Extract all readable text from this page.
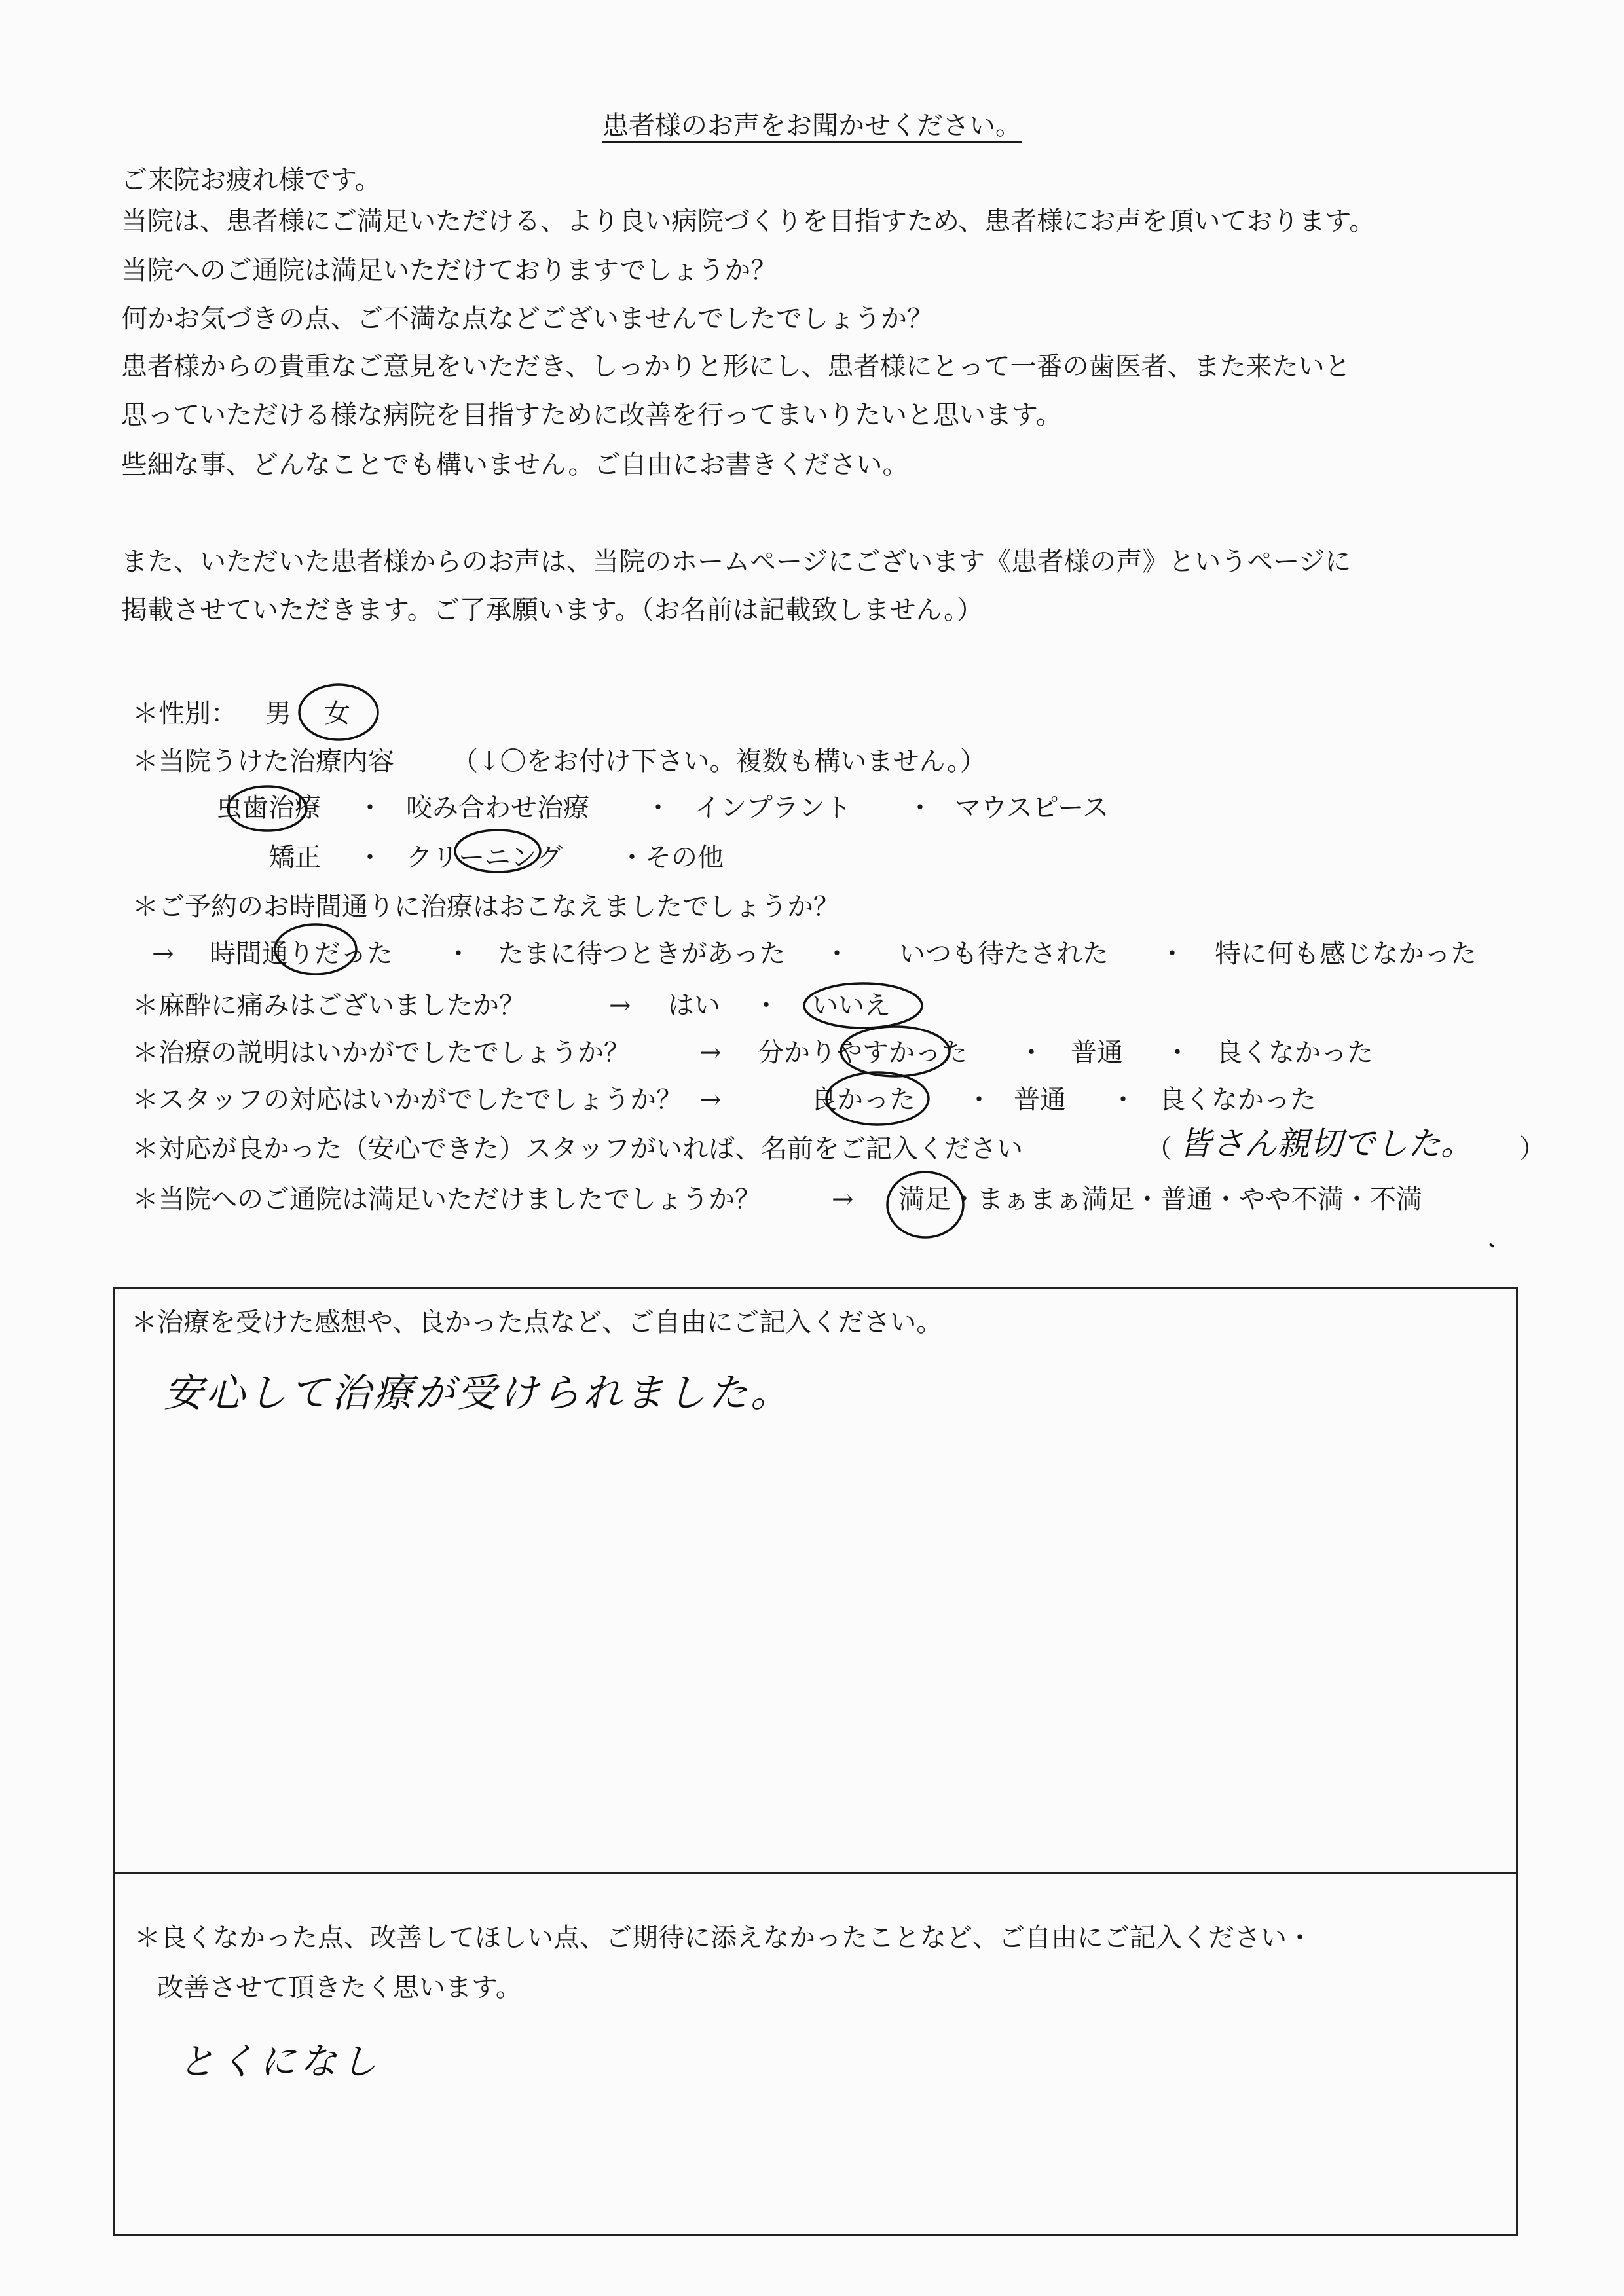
患者様のお声をお聞かせください。
ご来院お疲れ様です。
当院は、患者様にご満足いただける、より良い病院づくりを目指すため、患者様にお声を頂いております。
当院へのご通院は満足いただけておりますでしょうか？
何かお気づきの点、ご不満な点などございませんでしたでしょうか？
患者様からの貴重なご意見をいただき、しっかりと形にし、患者様にとって一番の歯医者、また来たいと
思っていただける様な病院を目指すために改善を行ってまいりたいと思います。
些細な事、どんなことでも構いません。ご自由にお書きください。
また、いただいた患者様からのお声は、当院のホームページにございます《患者様の声》というページに
掲載させていただきます。ご了承願います。（お名前は記載致しません。）
＊性別： 男 女
＊当院うけた治療内容 （↓〇をお付け下さい。複数も構いません。）
虫歯治療 ・ 咬み合わせ治療 ・ インプラント ・ マウスピース
矯正 ・ クリーニング ・その他
＊ご予約のお時間通りに治療はおこなえましたでしょうか？
→ 時間通りだった ・ たまに待つときがあった ・ いつも待たされた ・ 特に何も感じなかった
＊麻酔に痛みはございましたか？	→ はい ・ いいえ
＊治療の説明はいかがでしたでしょうか？	→ 分かりやすかった ・ 普通 ・ 良くなかった
＊スタッフの対応はいかがでしたでしょうか？ →	良かった ・ 普通 ・ 良くなかった
＊対応が良かった（安心できた）スタッフがいれば、名前をご記入ください	（ 皆さん親切でした。 ）
＊当院へのご通院は満足いただけましたでしょうか？	→ 満足 ・まぁまぁ満足・普通・やや不満・不満
＊治療を受けた感想や、良かった点など、ご自由にご記入ください。
安心して治療が受けられました。
＊良くなかった点、改善してほしい点、ご期待に添えなかったことなど、ご自由にご記入ください・
改善させて頂きたく思います。
とくになし
